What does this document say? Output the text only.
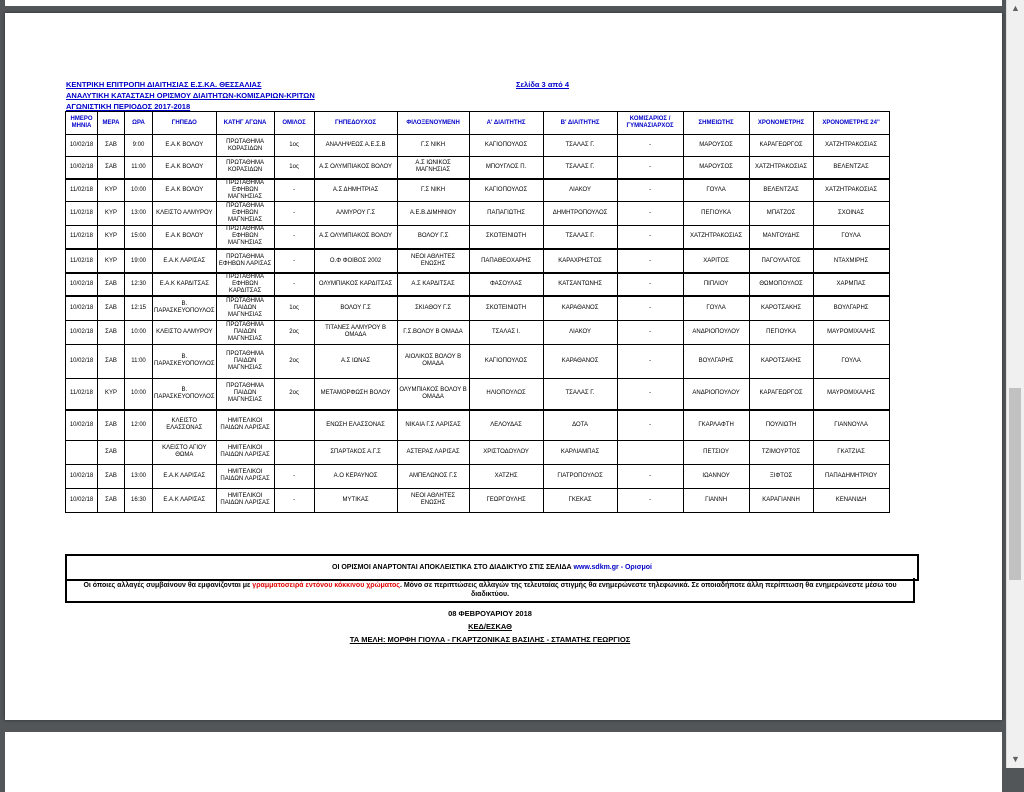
ΚΕΝΤΡΙΚΗ ΕΠΙΤΡΟΠΗ ΔΙΑΙΤΗΣΙΑΣ Ε.Σ.ΚΑ. ΘΕΣΣΑΛΙΑΣ
ΑΝΑΛΥΤΙΚΗ ΚΑΤΑΣΤΑΣΗ ΟΡΙΣΜΟΥ ΔΙΑΙΤΗΤΩΝ-ΚΟΜΙΣΑΡΙΩΝ-ΚΡΙΤΩΝ
ΑΓΩΝΙΣΤΙΚΗ ΠΕΡΙΟΔΟΣ 2017-2018
Σελίδα 3 από 4
ΗΜΕΡΟ ΜΗΝΙΑ	ΜΕΡΑ	ΩΡΑ	ΓΗΠΕΔΟ	ΚΑΤΗΓ ΑΓΩΝΑ	ΟΜΙΛΟΣ	ΓΗΠΕΔΟΥΧΟΣ	ΦΙΛΟΞΕΝΟΥΜΕΝΗ	Α' ΔΙΑΙΤΗΤΗΣ	Β' ΔΙΑΙΤΗΤΗΣ	ΚΟΜΙΣΑΡΙΟΣ / ΓΥΜΝΑΣΙΑΡΧΟΣ	ΣΗΜΕΙΩΤΗΣ	ΧΡΟΝΟΜΕΤΡΗΣ	ΧΡΟΝΟΜΕΤΡΗΣ 24''
10/02/18	ΣΑΒ	9:00	Ε.Α.Κ ΒΟΛΟΥ	ΠΡΩΤΑΘΗΜΑ ΚΟΡΑΣΙΔΩΝ	1ος	ΑΝΑΛΗΨΕΩΣ Α.Ε.Σ.Β	Γ.Σ ΝΙΚΗ	ΚΑΓΙΟΠΟΥΛΟΣ	ΤΣΑΛΑΣ Γ.	-	ΜΑΡΟΥΣΟΣ	ΚΑΡΑΓΕΩΡΓΟΣ	ΧΑΤΖΗΤΡΑΚΟΣΙΑΣ
10/02/18	ΣΑΒ	11:00	Ε.Α.Κ ΒΟΛΟΥ	ΠΡΩΤΑΘΗΜΑ ΚΟΡΑΣΙΔΩΝ	1ος	Α.Σ ΟΛΥΜΠΙΑΚΟΣ ΒΟΛΟΥ	Α.Σ ΙΩΝΙΚΟΣ ΜΑΓΝΗΣΙΑΣ	ΜΠΟΥΓΛΟΣ Π.	ΤΣΑΛΑΣ Γ.	-	ΜΑΡΟΥΣΟΣ	ΧΑΤΖΗΤΡΑΚΟΣΙΑΣ	ΒΕΛΕΝΤΖΑΣ
11/02/18	ΚΥΡ	10:00	Ε.Α.Κ ΒΟΛΟΥ	ΠΡΩΤΑΘΗΜΑ ΕΦΗΒΩΝ ΜΑΓΝΗΣΙΑΣ	-	Α.Σ ΔΗΜΗΤΡΙΑΣ	Γ.Σ ΝΙΚΗ	ΚΑΓΙΟΠΟΥΛΟΣ	ΛΙΑΚΟΥ	-	ΓΟΥΛΑ	ΒΕΛΕΝΤΖΑΣ	ΧΑΤΖΗΤΡΑΚΟΣΙΑΣ
11/02/18	ΚΥΡ	13:00	ΚΛΕΙΣΤΟ ΑΛΜΥΡΟΥ	ΠΡΩΤΑΘΗΜΑ ΕΦΗΒΩΝ ΜΑΓΝΗΣΙΑΣ	-	ΑΛΜΥΡΟΥ Γ.Σ	Α.Ε.Β.ΔΙΜΗΝΙΟΥ	ΠΑΠΑΓΙΩΤΗΣ	ΔΗΜΗΤΡΟΠΟΥΛΟΣ	-	ΠΕΓΙΟΥΚΑ	ΜΠΑΤΖΟΣ	ΣΧΟΙΝΑΣ
11/02/18	ΚΥΡ	15:00	Ε.Α.Κ ΒΟΛΟΥ	ΠΡΩΤΑΘΗΜΑ ΕΦΗΒΩΝ ΜΑΓΝΗΣΙΑΣ	-	Α.Σ ΟΛΥΜΠΙΑΚΟΣ ΒΟΛΟΥ	ΒΟΛΟΥ Γ.Σ	ΣΚΟΤΕΙΝΙΩΤΗ	ΤΣΑΛΑΣ Γ.	-	ΧΑΤΖΗΤΡΑΚΟΣΙΑΣ	ΜΑΝΤΟΥΔΗΣ	ΓΟΥΛΑ
11/02/18	ΚΥΡ	19:00	Ε.Α.Κ ΛΑΡΙΣΑΣ	ΠΡΩΤΑΘΗΜΑ ΕΦΗΒΩΝ ΛΑΡΙΣΑΣ	-	Ο.Φ ΦΟΙΒΟΣ 2002	ΝΕΟΙ ΑΘΛΗΤΕΣ ΕΝΩΣΗΣ	ΠΑΠΑΘΕΟΧΑΡΗΣ	ΚΑΡΑΧΡΗΣΤΟΣ	-	ΧΑΡΙΤΟΣ	ΠΑΓΟΥΛΑΤΟΣ	ΝΤΑΧΜΙΡΗΣ
10/02/18	ΣΑΒ	12:30	Ε.Α.Κ ΚΑΡΔΙΤΣΑΣ	ΠΡΩΤΑΘΗΜΑ ΕΦΗΒΩΝ ΚΑΡΔΙΤΣΑΣ	-	ΟΛΥΜΠΙΑΚΟΣ ΚΑΡΔΙΤΣΑΣ	Α.Σ ΚΑΡΔΙΤΣΑΣ	ΦΑΣΟΥΛΑΣ	ΚΑΤΣΑΝΤΩΝΗΣ	-	ΠΙΠΛΙΟΥ	ΘΩΜΟΠΟΥΛΟΣ	ΧΑΡΜΠΑΣ
10/02/18	ΣΑΒ	12:15	Β. ΠΑΡΑΣΚΕΥΟΠΟΥΛΟΣ	ΠΡΩΤΑΘΗΜΑ ΠΑΙΔΩΝ ΜΑΓΝΗΣΙΑΣ	1ος	ΒΟΛΟΥ Γ.Σ	ΣΚΙΑΘΟΥ Γ.Σ	ΣΚΟΤΕΙΝΙΩΤΗ	ΚΑΡΑΘΑΝΟΣ	-	ΓΟΥΛΑ	ΚΑΡΟΤΣΑΚΗΣ	ΒΟΥΛΓΑΡΗΣ
10/02/18	ΣΑΒ	10:00	ΚΛΕΙΣΤΟ ΑΛΜΥΡΟΥ	ΠΡΩΤΑΘΗΜΑ ΠΑΙΔΩΝ ΜΑΓΝΗΣΙΑΣ	2ος	ΤΙΤΑΝΕΣ ΑΛΜΥΡΟΥ Β ΟΜΑΔΑ	Γ.Σ.ΒΟΛΟΥ Β ΟΜΑΔΑ	ΤΣΑΛΑΣ Ι.	ΛΙΑΚΟΥ	-	ΑΝΔΡΙΟΠΟΥΛΟΥ	ΠΕΓΙΟΥΚΑ	ΜΑΥΡΟΜΙΧΑΛΗΣ
10/02/18	ΣΑΒ	11:00	Β. ΠΑΡΑΣΚΕΥΟΠΟΥΛΟΣ	ΠΡΩΤΑΘΗΜΑ ΠΑΙΔΩΝ ΜΑΓΝΗΣΙΑΣ	2ος	Α.Σ ΙΩΝΑΣ	ΑΙΟΛΙΚΟΣ ΒΟΛΟΥ Β ΟΜΑΔΑ	ΚΑΓΙΟΠΟΥΛΟΣ	ΚΑΡΑΘΑΝΟΣ	-	ΒΟΥΛΓΑΡΗΣ	ΚΑΡΟΤΣΑΚΗΣ	ΓΟΥΛΑ
11/02/18	ΚΥΡ	10:00	Β. ΠΑΡΑΣΚΕΥΟΠΟΥΛΟΣ	ΠΡΩΤΑΘΗΜΑ ΠΑΙΔΩΝ ΜΑΓΝΗΣΙΑΣ	2ος	ΜΕΤΑΜΟΡΦΩΣΗ ΒΟΛΟΥ	ΟΛΥΜΠΙΑΚΟΣ ΒΟΛΟΥ Β ΟΜΑΔΑ	ΗΛΙΟΠΟΥΛΟΣ	ΤΣΑΛΑΣ Γ.	-	ΑΝΔΡΙΟΠΟΥΛΟΥ	ΚΑΡΑΓΕΩΡΓΟΣ	ΜΑΥΡΟΜΙΧΑΛΗΣ
10/02/18	ΣΑΒ	12:00	ΚΛΕΙΣΤΟ ΕΛΑΣΣΟΝΑΣ	ΗΜΙΤΕΛΙΚΟΙ ΠΑΙΔΩΝ ΛΑΡΙΣΑΣ		ΕΝΩΣΗ ΕΛΑΣΣΟΝΑΣ	ΝΙΚΑΙΑ Γ.Σ ΛΑΡΙΣΑΣ	ΛΕΛΟΥΔΑΣ	ΔΟΤΑ	-	ΓΚΑΡΛΑΦΤΗ	ΠΟΥΛΙΩΤΗ	ΓΙΑΝΝΟΥΛΑ
	ΣΑΒ		ΚΛΕΙΣΤΟ ΑΓΙΟΥ ΘΩΜΑ	ΗΜΙΤΕΛΙΚΟΙ ΠΑΙΔΩΝ ΛΑΡΙΣΑΣ		ΣΠΑΡΤΑΚΟΣ Α.Γ.Σ	ΑΣΤΕΡΑΣ ΛΑΡΙΣΑΣ	ΧΡΙΣΤΟΔΟΥΛΟΥ	ΚΑΡΛΙΑΜΠΑΣ		ΠΕΤΣΙΟΥ	ΤΖΙΜΟΥΡΤΟΣ	ΓΚΑΤΖΙΑΣ
10/02/18	ΣΑΒ	13:00	Ε.Α.Κ ΛΑΡΙΣΑΣ	ΗΜΙΤΕΛΙΚΟΙ ΠΑΙΔΩΝ ΛΑΡΙΣΑΣ	-	Α.Ο ΚΕΡΑΥΝΟΣ	ΑΜΠΕΛΩΝΟΣ Γ.Σ	ΧΑΤΖΗΣ	ΓΙΑΤΡΟΠΟΥΛΟΣ	-	ΙΩΑΝΝΟΥ	ΞΙΦΤΟΣ	ΠΑΠΑΔΗΜΗΤΡΙΟΥ
10/02/18	ΣΑΒ	16:30	Ε.Α.Κ ΛΑΡΙΣΑΣ	ΗΜΙΤΕΛΙΚΟΙ ΠΑΙΔΩΝ ΛΑΡΙΣΑΣ	-	ΜΥΤΙΚΑΣ	ΝΕΟΙ ΑΘΛΗΤΕΣ ΕΝΩΣΗΣ	ΓΕΩΡΓΟΥΛΗΣ	ΓΚΕΚΑΣ	-	ΓΙΑΝΝΗ	ΚΑΡΑΓΙΑΝΝΗ	ΚΕΝΑΝΙΔΗ
ΟΙ ΟΡΙΣΜΟΙ ΑΝΑΡΤΟΝΤΑΙ ΑΠΟΚΛΕΙΣΤΙΚΑ ΣΤΟ ΔΙΑΔΙΚΤΥΟ ΣΤΙΣ ΣΕΛΙΔΑ www.sdkm.gr - Ορισμοί
Οι όποιες αλλαγές συμβαίνουν θα εμφανίζονται με γραμματοσειρά εντόνου κόκκινου χρώματος. Μόνο σε περιπτώσεις αλλαγών της τελευταίας στιγμής θα ενημερώνεστε τηλεφωνικά. Σε οποιαδήποτε άλλη περίπτωση θα ενημερώνεστε μέσω του διαδικτύου.
08 ΦΕΒΡΟΥΑΡΙΟΥ 2018
ΚΕΔ/ΕΣΚΑΘ
ΤΑ ΜΕΛΗ: ΜΟΡΦΗ ΓΙΟΥΛΑ - ΓΚΑΡΤΖΟΝΙΚΑΣ ΒΑΣΙΛΗΣ - ΣΤΑΜΑΤΗΣ ΓΕΩΡΓΙΟΣ
▲
▼
